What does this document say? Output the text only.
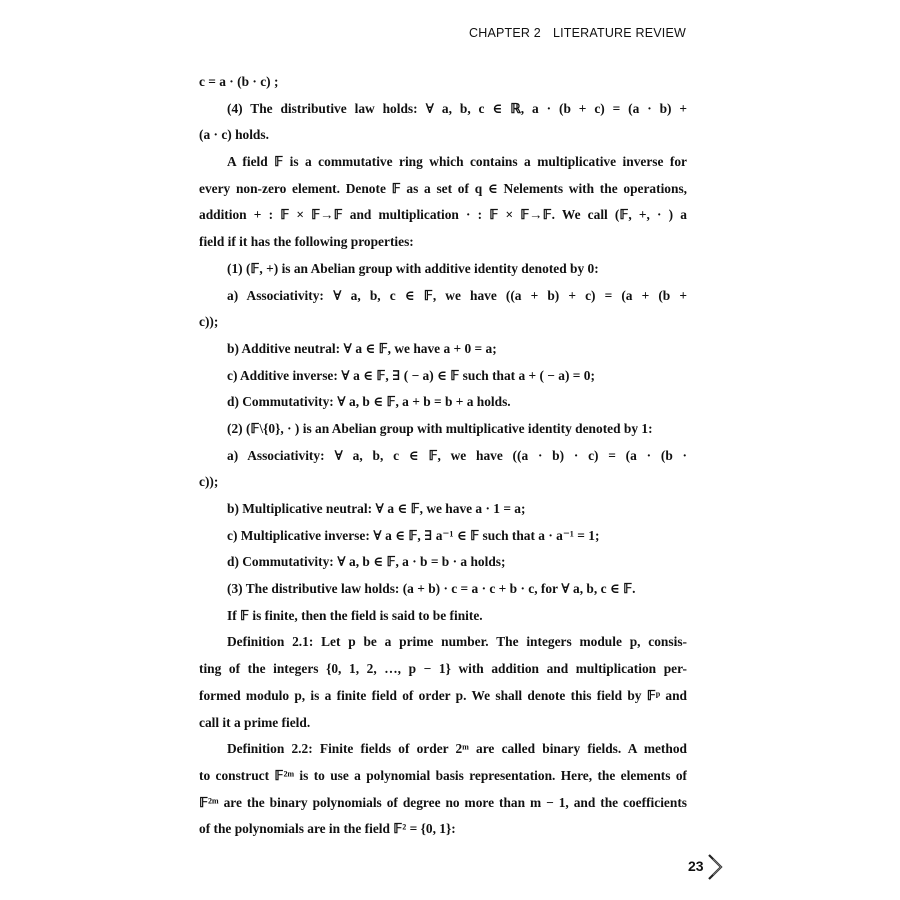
CHAPTER 2 LITERATURE REVIEW
c = a · (b · c) ;
(4) The distributive law holds: ∀ a, b, c ∈ ℝ, a · (b + c) = (a · b) +
(a · c) holds.
A field 𝔽 is a commutative ring which contains a multiplicative inverse for
every non-zero element. Denote 𝔽 as a set of q ∈ Nelements with the operations,
addition + : 𝔽 × 𝔽→𝔽 and multiplication · : 𝔽 × 𝔽→𝔽. We call (𝔽, +, · ) a
field if it has the following properties:
(1) (𝔽, +) is an Abelian group with additive identity denoted by 0:
a) Associativity: ∀ a, b, c ∈ 𝔽, we have ((a + b) + c) = (a + (b +
c));
b) Additive neutral: ∀ a ∈ 𝔽, we have a + 0 = a;
c) Additive inverse: ∀ a ∈ 𝔽, ∃ ( − a) ∈ 𝔽 such that a + ( − a) = 0;
d) Commutativity: ∀ a, b ∈ 𝔽, a + b = b + a holds.
(2) (𝔽\{0}, · ) is an Abelian group with multiplicative identity denoted by 1:
a) Associativity: ∀ a, b, c ∈ 𝔽, we have ((a · b) · c) = (a · (b ·
c));
b) Multiplicative neutral: ∀ a ∈ 𝔽, we have a · 1 = a;
c) Multiplicative inverse: ∀ a ∈ 𝔽, ∃ a⁻¹ ∈ 𝔽 such that a · a⁻¹ = 1;
d) Commutativity: ∀ a, b ∈ 𝔽, a · b = b · a holds;
(3) The distributive law holds: (a + b) · c = a · c + b · c, for ∀ a, b, c ∈ 𝔽.
If 𝔽 is finite, then the field is said to be finite.
Definition 2.1: Let p be a prime number. The integers module p, consis-
ting of the integers {0, 1, 2, …, p − 1} with addition and multiplication per-
formed modulo p, is a finite field of order p. We shall denote this field by 𝔽ᵖ and
call it a prime field.
Definition 2.2: Finite fields of order 2ᵐ are called binary fields. A method
to construct 𝔽²ᵐ is to use a polynomial basis representation. Here, the elements of
𝔽²ᵐ are the binary polynomials of degree no more than m − 1, and the coefficients
of the polynomials are in the field 𝔽² = {0, 1}:
23
